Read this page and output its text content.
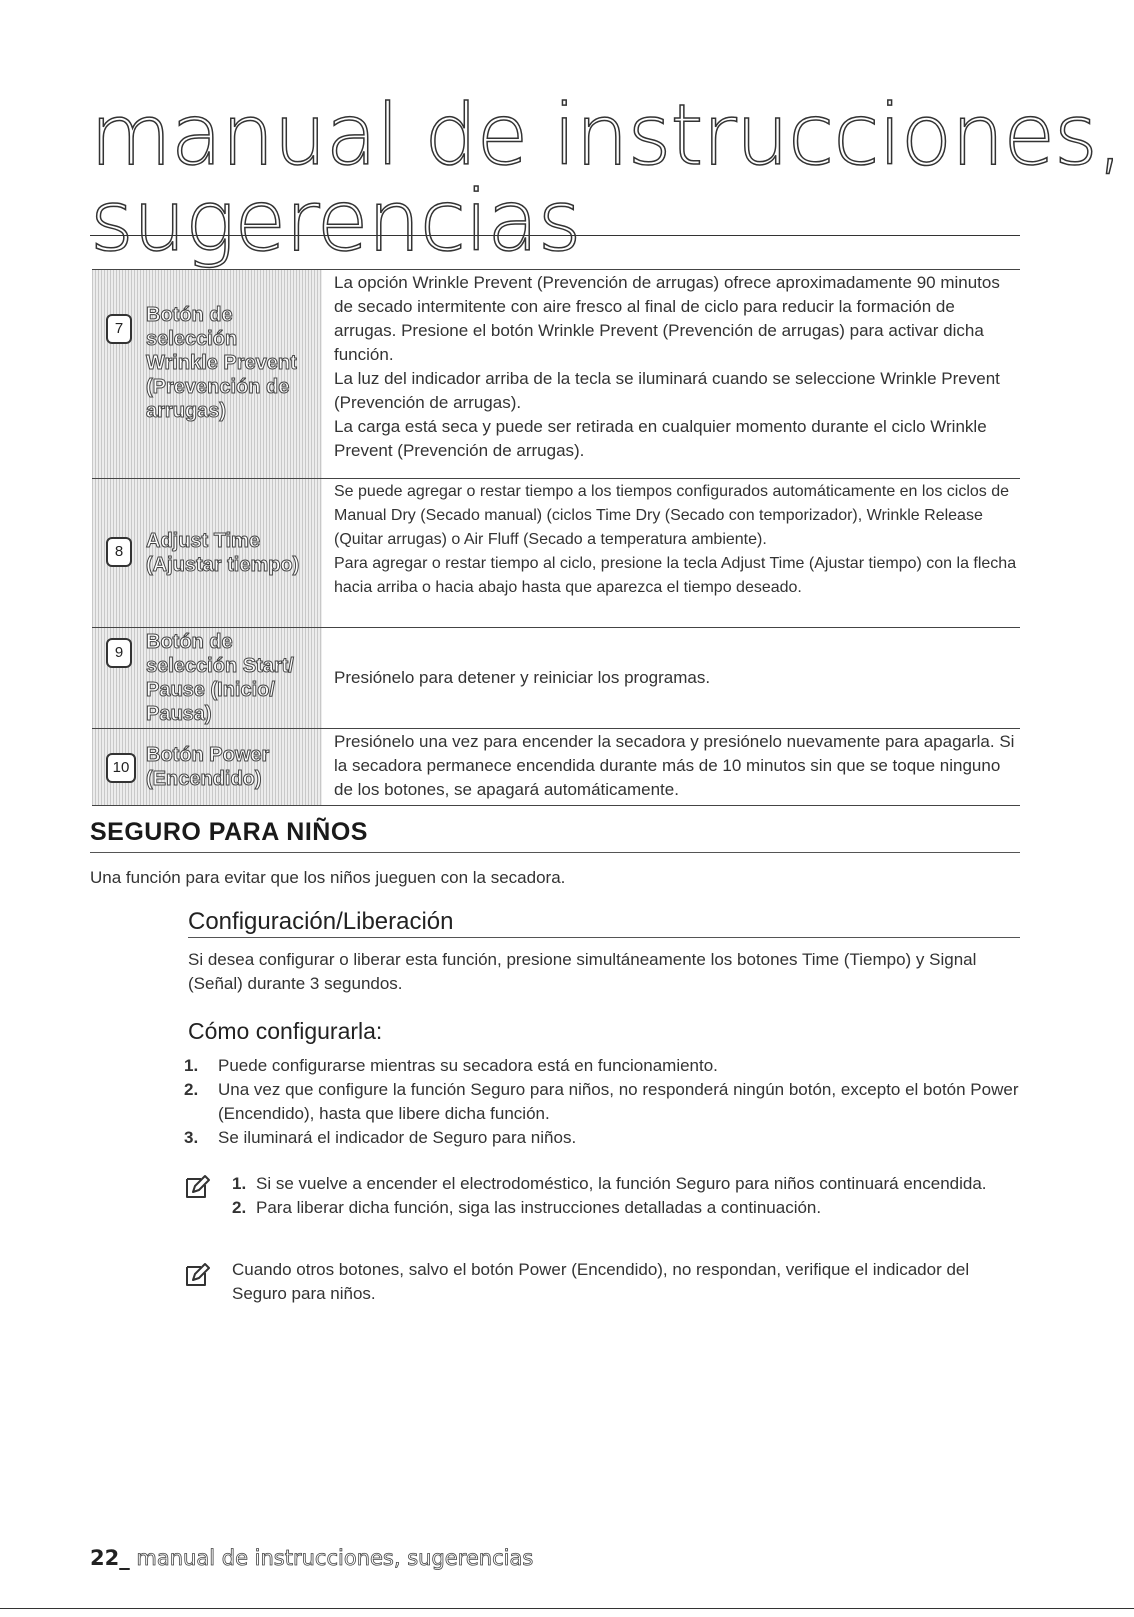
manual de instrucciones,
sugerencias
7
Botón de
selección
Wrinkle Prevent
(Prevención de
arrugas)

La opción Wrinkle Prevent (Prevención de arrugas) ofrece aproximadamente 90 minutos de secado intermitente con aire fresco al final de ciclo para reducir la formación de arrugas. Presione el botón Wrinkle Prevent (Prevención de arrugas) para activar dicha función.

La luz del indicador arriba de la tecla se iluminará cuando se seleccione Wrinkle Prevent (Prevención de arrugas).

La carga está seca y puede ser retirada en cualquier momento durante el ciclo Wrinkle Prevent (Prevención de arrugas).

8	Adjust Time
(Ajustar tiempo)

Se puede agregar o restar tiempo a los tiempos configurados automáticamente en los ciclos de Manual Dry (Secado manual) (ciclos Time Dry (Secado con temporizador), Wrinkle Release (Quitar arrugas) o Air Fluff (Secado a temperatura ambiente).

Para agregar o restar tiempo al ciclo, presione la tecla Adjust Time (Ajustar tiempo) con la flecha hacia arriba o hacia abajo hasta que aparezca el tiempo deseado.

9	Botón de
selección Start/
Pause (Inicio/
Pausa)

Presiónelo para detener y reiniciar los programas.

10
Botón Power
(Encendido)

Presiónelo una vez para encender la secadora y presiónelo nuevamente para apagarla. Si la secadora permanece encendida durante más de 10 minutos sin que se toque ninguno de los botones, se apagará automáticamente.

SEGURO PARA NIÑOS
Una función para evitar que los niños jueguen con la secadora.
Configuración/Liberación
Si desea configurar o liberar esta función, presione simultáneamente los botones Time (Tiempo) y Signal (Señal) durante 3 segundos.
Cómo configurarla:
1. Puede configurarse mientras su secadora está en funcionamiento.
2. Una vez que configure la función Seguro para niños, no responderá ningún botón, excepto el botón Power (Encendido), hasta que libere dicha función.
3. Se iluminará el indicador de Seguro para niños.
1. Si se vuelve a encender el electrodoméstico, la función Seguro para niños continuará encendida.
2. Para liberar dicha función, siga las instrucciones detalladas a continuación.
Cuando otros botones, salvo el botón Power (Encendido), no respondan, verifique el indicador del Seguro para niños.
22_ manual de instrucciones, sugerencias
